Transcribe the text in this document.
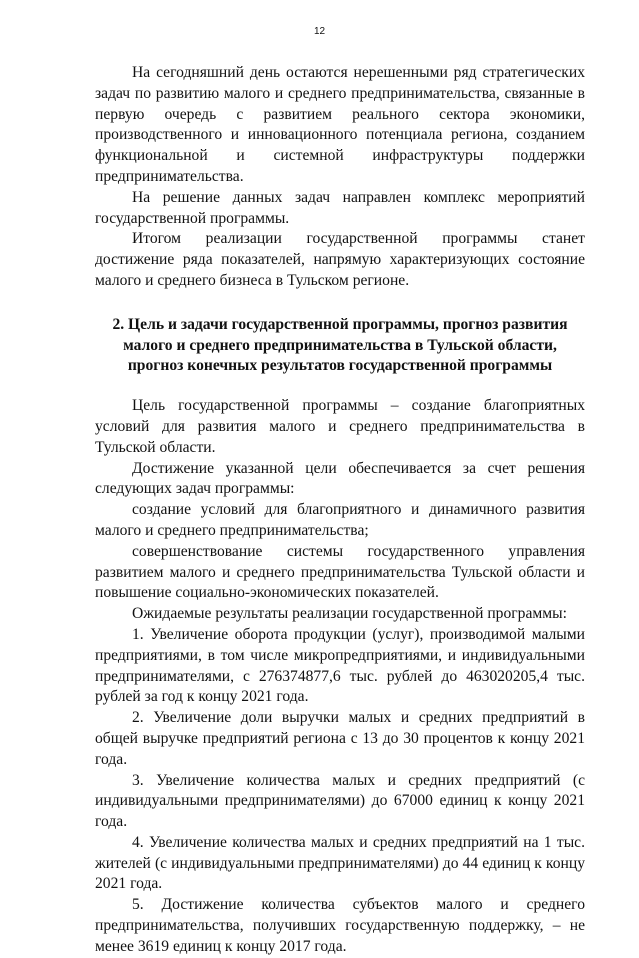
12

На сегодняшний день остаются нерешенными ряд стратегических задач по развитию малого и среднего предпринимательства, связанные в первую очередь с развитием реального сектора экономики, производственного и инновационного потенциала региона, созданием функциональной и системной инфраструктуры поддержки предпринимательства.

На решение данных задач направлен комплекс мероприятий государственной программы.

Итогом реализации государственной программы станет достижение ряда показателей, напрямую характеризующих состояние малого и среднего бизнеса в Тульском регионе.

2. Цель и задачи государственной программы, прогноз развития малого и среднего предпринимательства в Тульской области, прогноз конечных результатов государственной программы

Цель государственной программы – создание благоприятных условий для развития малого и среднего предпринимательства в Тульской области.

Достижение указанной цели обеспечивается за счет решения следующих задач программы:

создание условий для благоприятного и динамичного развития малого и среднего предпринимательства;

совершенствование системы государственного управления развитием малого и среднего предпринимательства Тульской области и повышение социально-экономических показателей.

Ожидаемые результаты реализации государственной программы:

1. Увеличение оборота продукции (услуг), производимой малыми предприятиями, в том числе микропредприятиями, и индивидуальными предпринимателями, с 276374877,6 тыс. рублей до 463020205,4 тыс. рублей за год к концу 2021 года.

2. Увеличение доли выручки малых и средних предприятий в общей выручке предприятий региона с 13 до 30 процентов к концу 2021 года.

3. Увеличение количества малых и средних предприятий (с индивидуальными предпринимателями) до 67000 единиц к концу 2021 года.

4. Увеличение количества малых и средних предприятий на 1 тыс. жителей (с индивидуальными предпринимателями) до 44 единиц к концу 2021 года.

5. Достижение количества субъектов малого и среднего предпринимательства, получивших государственную поддержку, – не менее 3619 единиц к концу 2017 года.
